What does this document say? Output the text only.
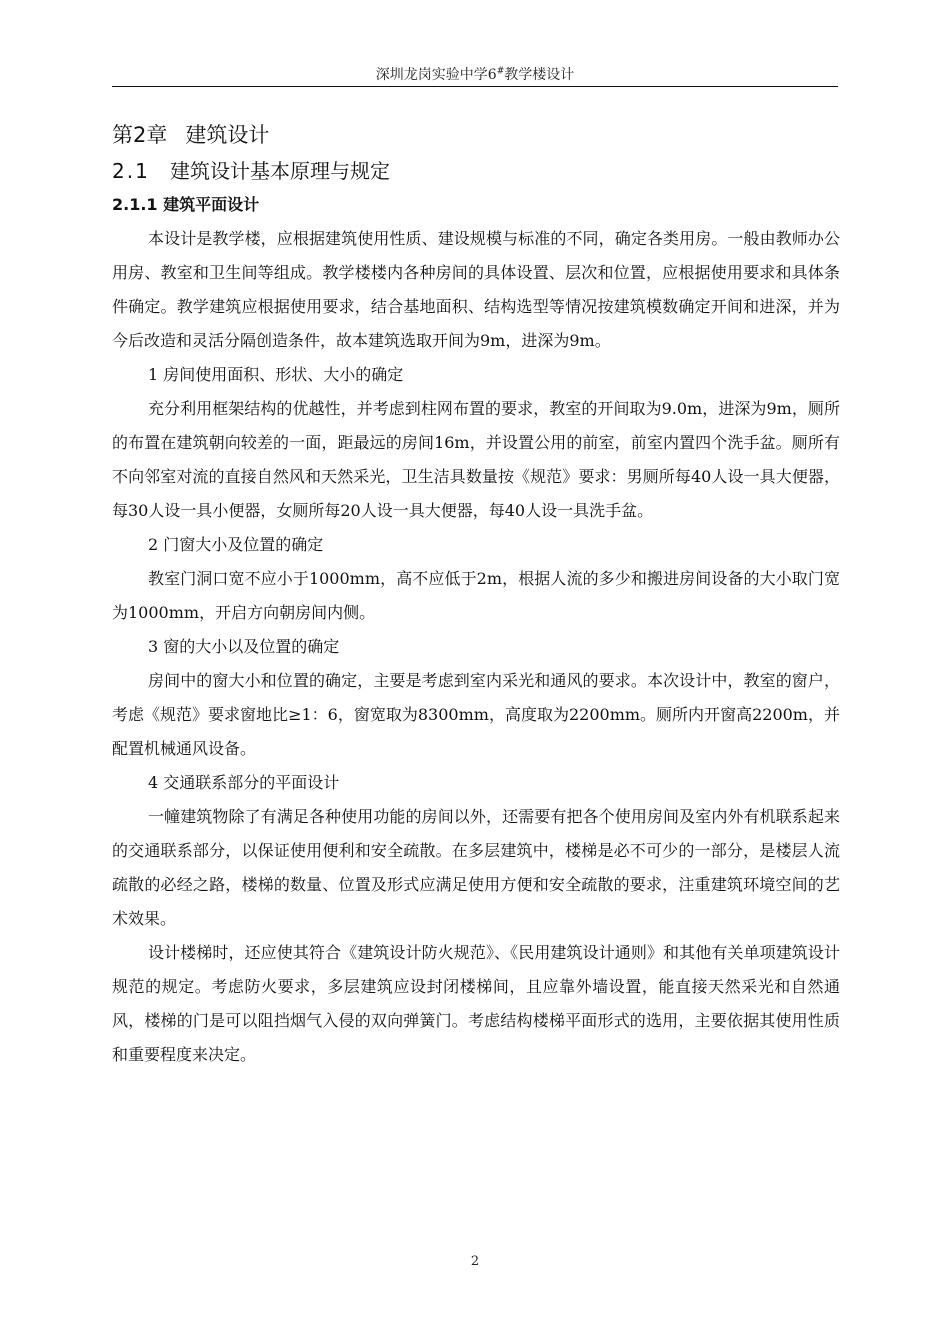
深圳龙岗实验中学6#教学楼设计
第2章 建筑设计
2.1 建筑设计基本原理与规定
2.1.1 建筑平面设计

本设计是教学楼，应根据建筑使用性质、建设规模与标准的不同，确定各类用房。一般由教师办公用房、教室和卫生间等组成。教学楼楼内各种房间的具体设置、层次和位置，应根据使用要求和具体条件确定。教学建筑应根据使用要求，结合基地面积、结构选型等情况按建筑模数确定开间和进深，并为今后改造和灵活分隔创造条件，故本建筑选取开间为9m，进深为9m。

1 房间使用面积、形状、大小的确定

充分利用框架结构的优越性，并考虑到柱网布置的要求，教室的开间取为9.0m，进深为9m，厕所的布置在建筑朝向较差的一面，距最远的房间16m，并设置公用的前室，前室内置四个洗手盆。厕所有不向邻室对流的直接自然风和天然采光，卫生洁具数量按《规范》要求：男厕所每40人设一具大便器，每30人设一具小便器，女厕所每20人设一具大便器，每40人设一具洗手盆。

2 门窗大小及位置的确定

教室门洞口宽不应小于1000mm，高不应低于2m，根据人流的多少和搬进房间设备的大小取门宽为1000mm，开启方向朝房间内侧。

3 窗的大小以及位置的确定

房间中的窗大小和位置的确定，主要是考虑到室内采光和通风的要求。本次设计中，教室的窗户，考虑《规范》要求窗地比≥1：6，窗宽取为8300mm，高度取为2200mm。厕所内开窗高2200m，并配置机械通风设备。

4 交通联系部分的平面设计

一幢建筑物除了有满足各种使用功能的房间以外，还需要有把各个使用房间及室内外有机联系起来的交通联系部分，以保证使用便利和安全疏散。在多层建筑中，楼梯是必不可少的一部分，是楼层人流疏散的必经之路，楼梯的数量、位置及形式应满足使用方便和安全疏散的要求，注重建筑环境空间的艺术效果。

设计楼梯时，还应使其符合《建筑设计防火规范》、《民用建筑设计通则》和其他有关单项建筑设计规范的规定。考虑防火要求，多层建筑应设封闭楼梯间，且应靠外墙设置，能直接天然采光和自然通风，楼梯的门是可以阻挡烟气入侵的双向弹簧门。考虑结构楼梯平面形式的选用，主要依据其使用性质和重要程度来决定。

2
